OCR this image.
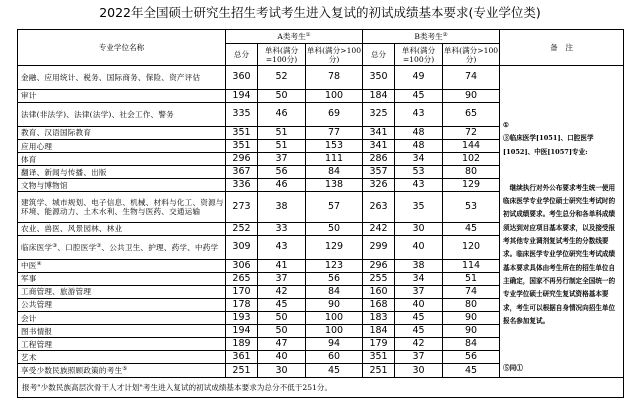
2022年全国硕士研究生招生考试考生进入复试的初试成绩基本要求(专业学位类)
专业学位名称	A类考生①			B类考生②			备　注
	总分	单科(满分=100分)	单科(满分>100分)	总分	单科(满分=100分)	单科(满分>100分)	
金融、应用统计、税务、国际商务、保险、资产评估	360	52	78	350	49	74	①

③临床医学[1051]、口腔医学[1052]、中医[1057]专业:

　继续执行对外公布要求考生统一使用临床医学专业学位硕士研究生考试时的初试成绩要求。考生总分和各单科成绩须达到对应项目基本要求，以及接受报考其他专业调剂复试考生的分数线要求。临床医学专业学位研究生考试成绩基本要求具体由考生所在的招生单位自主确定，国家不再另行制定全国统一的专业学位硕士研究生复试资格基本要求，考生可以根据自身情况向招生单位报名参加复试。

⑤同①

审计	194	50	100	184	45	90	
法律(非法学)、法律(法学)、社会工作、警务	335	46	69	325	43	65	
教育、汉语国际教育	351	51	77	341	48	72	
应用心理	351	51	153	341	48	144	
体育	296	37	111	286	34	102	
翻译、新闻与传播、出版	367	56	84	357	53	80	
文物与博物馆	336	46	138	326	43	129	
建筑学、城市规划、电子信息、机械、材料与化工、资源与环境、能源动力、土木水利、生物与医药、交通运输	273	38	57	263	35	53	
农业、兽医、风景园林、林业	252	33	50	242	30	45	
临床医学③、口腔医学③、公共卫生、护理、药学、中药学	309	43	129	299	40	120	
中医④	306	41	123	296	38	114	
军事	265	37	56	255	34	51	
工商管理、旅游管理	170	42	84	160	37	74	
公共管理	178	45	90	168	40	80	
会计	193	50	100	183	45	90	
图书情报	194	50	100	184	45	90	
工程管理	189	47	94	179	42	84	
艺术	361	40	60	351	37	56	
享受少数民族照顾政策的考生⑤	251	30	45	251	30	45	
报考"少数民族高层次骨干人才计划"考生进入复试的初试成绩基本要求为总分不低于251分。							
